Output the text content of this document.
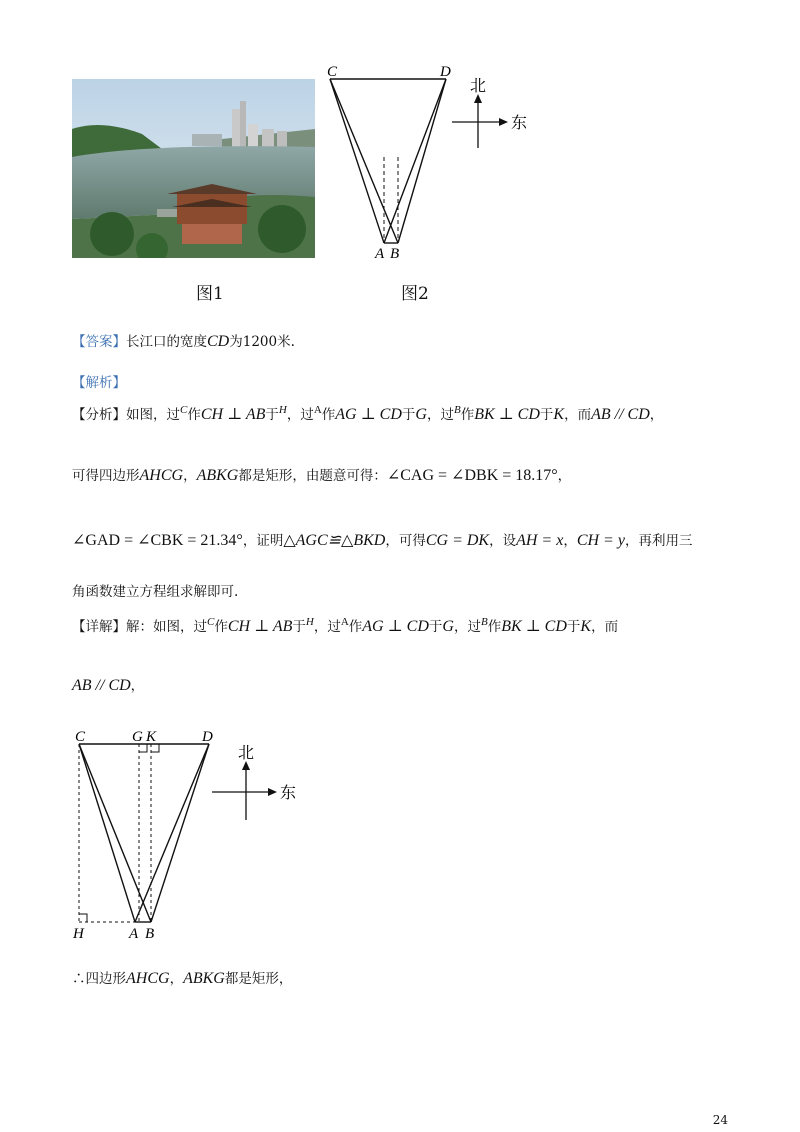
图1
C	D
A B
北
东
图2
【答案】长江口的宽度CD为1200米.
【解析】
【分析】如图，过$^C$作CH ⊥ AB于$^H$，过$^A$作AG ⊥ CD于G，过$^B$作BK ⊥ CD于K，而AB // CD，
可得四边形AHCG，ABKG都是矩形，由题意可得：∠CAG = ∠DBK = 18.17°，
∠GAD = ∠CBK = 21.34°，证明△AGC≌△BKD，可得CG = DK，设AH = x，CH = y，再利用三
角函数建立方程组求解即可.
【详解】解：如图，过$^C$作CH ⊥ AB于$^H$，过$^A$作AG ⊥ CD于G，过$^B$作BK ⊥ CD于K，而
AB // CD，
C	G K	D
H	A B
北
东
∴四边形AHCG，ABKG都是矩形，
24
